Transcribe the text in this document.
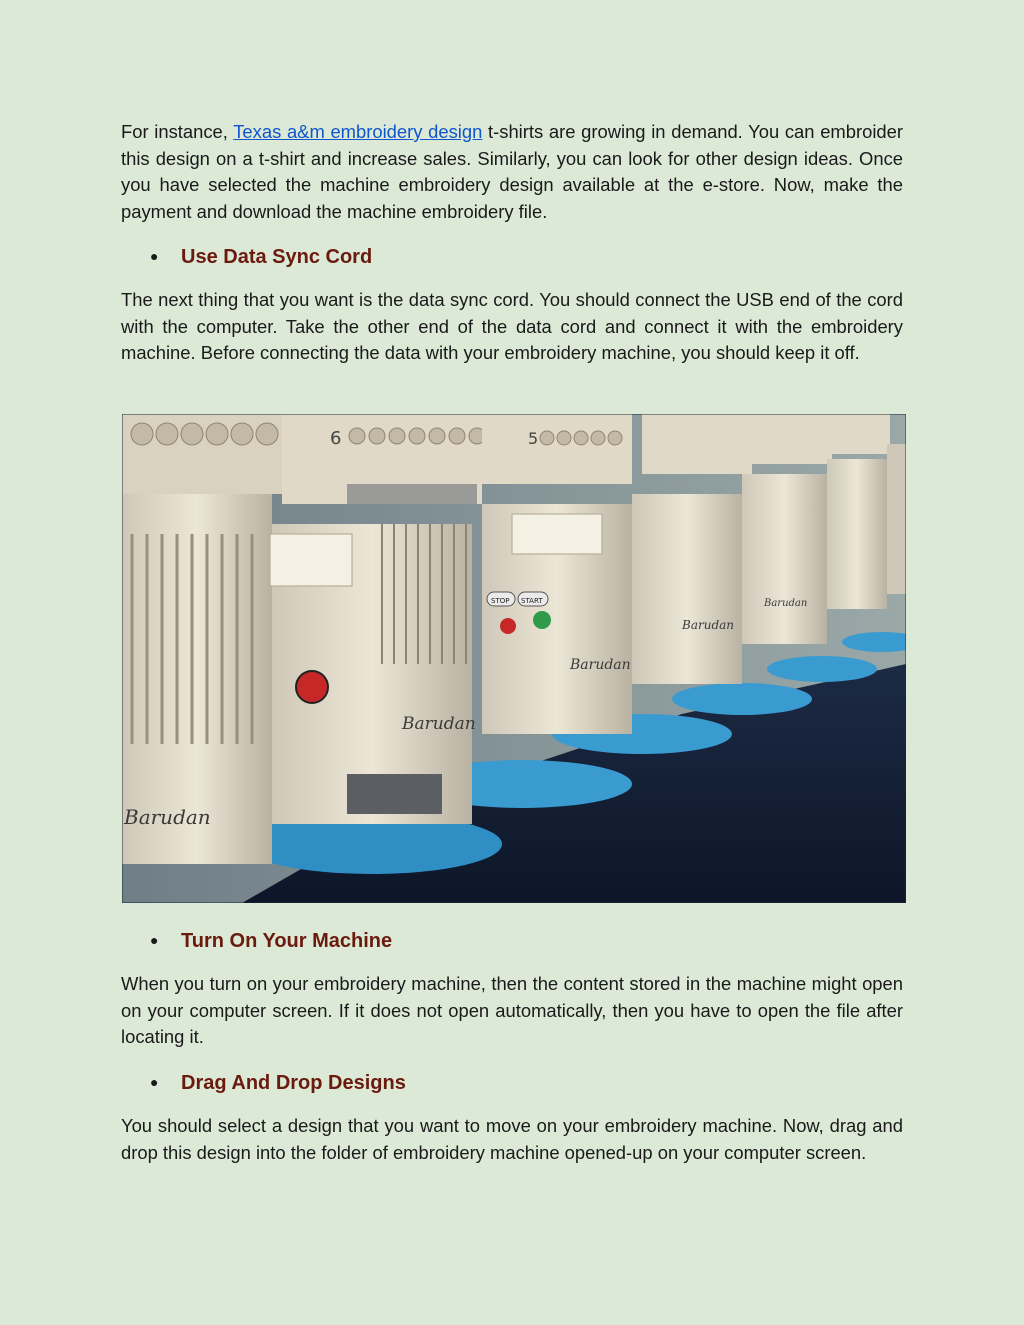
For instance, Texas a&m embroidery design t-shirts are growing in demand. You can embroider this design on a t-shirt and increase sales. Similarly, you can look for other design ideas. Once you have selected the machine embroidery design available at the e-store. Now, make the payment and download the machine embroidery file.

● Use Data Sync Cord

The next thing that you want is the data sync cord. You should connect the USB end of the cord with the computer. Take the other end of the data cord and connect it with the embroidery machine. Before connecting the data with your embroidery machine, you should keep it off.

Barudan
6
Barudan
5
STOP START
Barudan
Barudan
Barudan
● Turn On Your Machine

When you turn on your embroidery machine, then the content stored in the machine might open on your computer screen. If it does not open automatically, then you have to open the file after locating it.

● Drag And Drop Designs

You should select a design that you want to move on your embroidery machine. Now, drag and drop this design into the folder of embroidery machine opened-up on your computer screen.
